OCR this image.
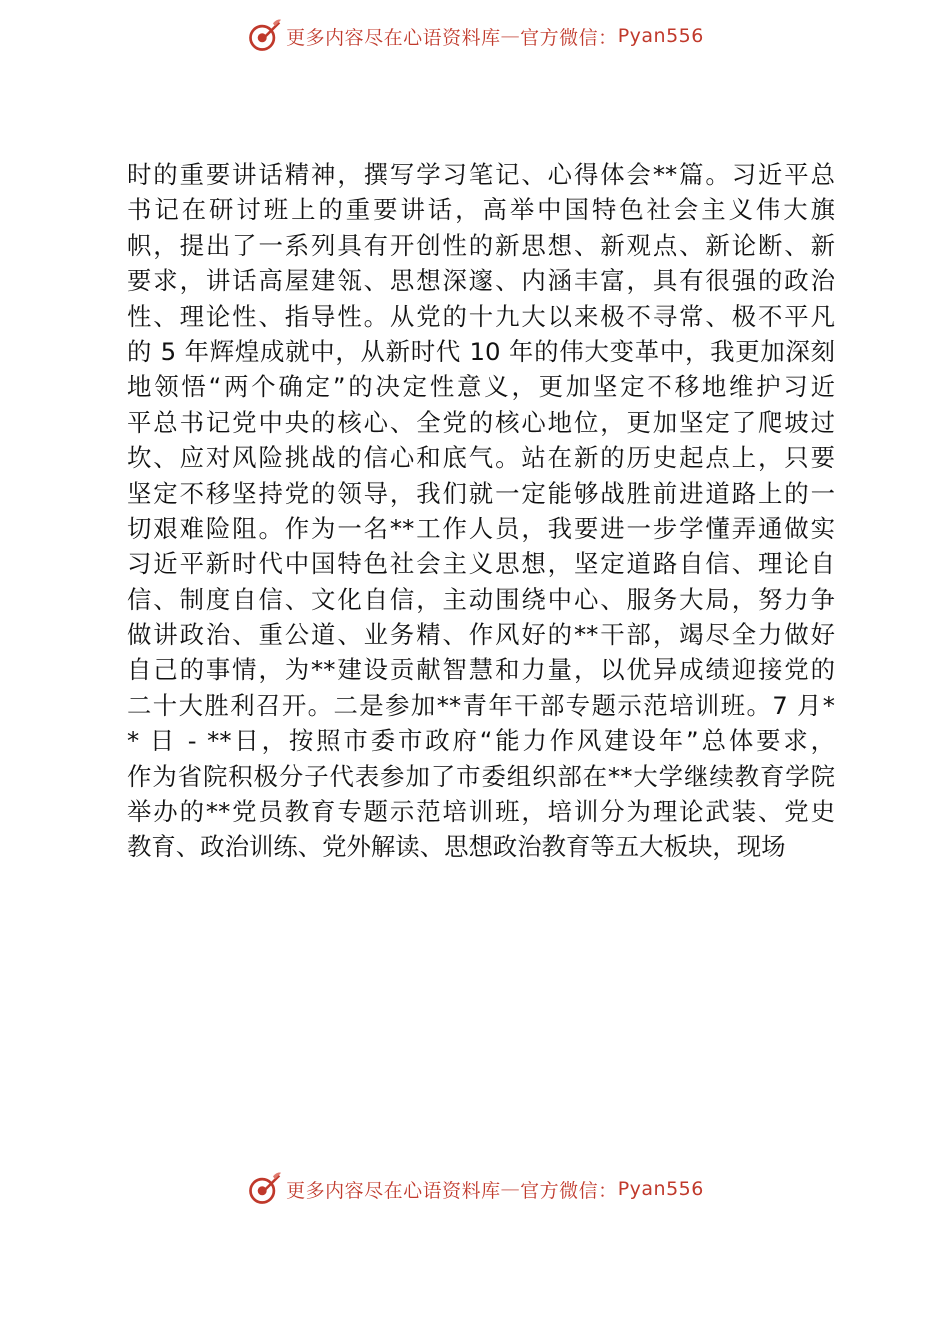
更多内容尽在心语资料库 — 官方微信： Pyan556
时的重要讲话精神，撰写学习笔记、心得体会**篇。习近平总
书记在研讨班上的重要讲话，高举中国特色社会主义伟大旗
帜，提出了一系列具有开创性的新思想、新观点、新论断、新
要求，讲话高屋建瓴、思想深邃、内涵丰富，具有很强的政治
性、理论性、指导性。从党的十九大以来极不寻常、极不平凡
的 5 年辉煌成就中，从新时代 10 年的伟大变革中，我更加深刻
地领悟“两个确定”的决定性意义，更加坚定不移地维护习近
平总书记党中央的核心、全党的核心地位，更加坚定了爬坡过
坎、应对风险挑战的信心和底气。站在新的历史起点上，只要
坚定不移坚持党的领导，我们就一定能够战胜前进道路上的一
切艰难险阻。作为一名**工作人员，我要进一步学懂弄通做实
习近平新时代中国特色社会主义思想，坚定道路自信、理论自
信、制度自信、文化自信，主动围绕中心、服务大局，努力争
做讲政治、重公道、业务精、作风好的**干部，竭尽全力做好
自己的事情，为**建设贡献智慧和力量，以优异成绩迎接党的
二十大胜利召开。二是参加**青年干部专题示范培训班。7 月*
* 日 - **日，按照市委市政府“能力作风建设年”总体要求，
作为省院积极分子代表参加了市委组织部在**大学继续教育学院
举办的**党员教育专题示范培训班，培训分为理论武装、党史
教育、政治训练、党外解读、思想政治教育等五大板块，现场
更多内容尽在心语资料库 — 官方微信： Pyan556
